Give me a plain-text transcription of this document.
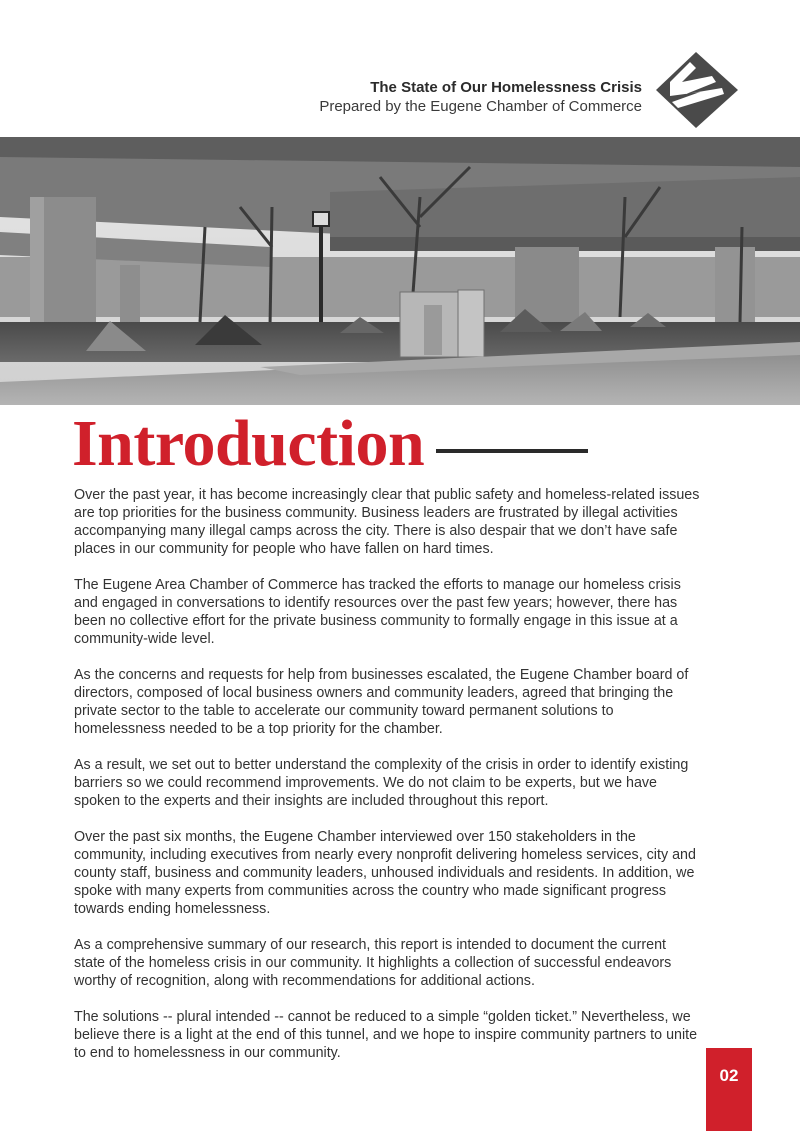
The State of Our Homelessness Crisis
Prepared by the Eugene Chamber of Commerce
Introduction

Over the past year, it has become increasingly clear that public safety and homeless-related issues are top priorities for the business community. Business leaders are frustrated by illegal activities accompanying many illegal camps across the city. There is also despair that we don’t have safe places in our community for people who have fallen on hard times.

The Eugene Area Chamber of Commerce has tracked the efforts to manage our homeless crisis and engaged in conversations to identify resources over the past few years; however, there has been no collective effort for the private business community to formally engage in this issue at a community-wide level.

As the concerns and requests for help from businesses escalated, the Eugene Chamber board of directors, composed of local business owners and community leaders, agreed that bringing the private sector to the table to accelerate our community toward permanent solutions to homelessness needed to be a top priority for the chamber.

As a result, we set out to better understand the complexity of the crisis in order to identify existing barriers so we could recommend improvements. We do not claim to be experts, but we have spoken to the experts and their insights are included throughout this report.

Over the past six months, the Eugene Chamber interviewed over 150 stakeholders in the community, including executives from nearly every nonprofit delivering homeless services, city and county staff, business and community leaders, unhoused individuals and residents. In addition, we spoke with many experts from communities across the country who made significant progress towards ending homelessness.

As a comprehensive summary of our research, this report is intended to document the current state of the homeless crisis in our community. It highlights a collection of successful endeavors worthy of recognition, along with recommendations for additional actions.

The solutions -- plural intended -- cannot be reduced to a simple “golden ticket.” Nevertheless, we believe there is a light at the end of this tunnel, and we hope to inspire community partners to unite to end to homelessness in our community.

02
